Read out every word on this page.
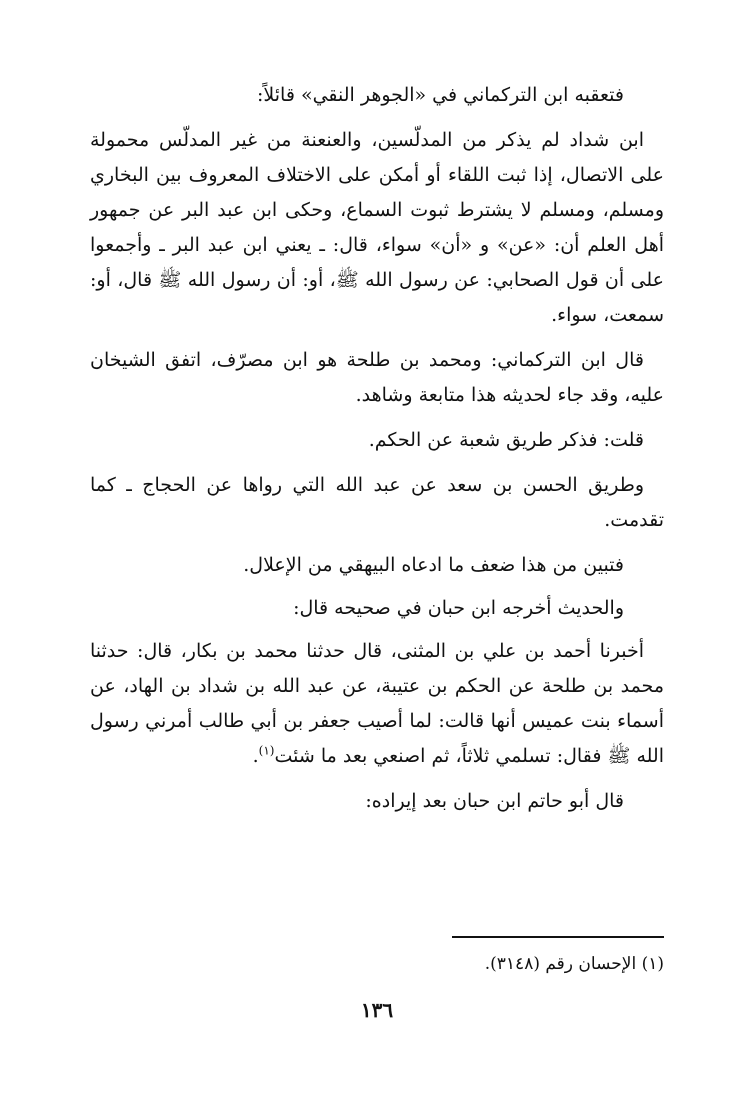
فتعقبه ابن التركماني في «الجوهر النقي» قائلاً:

ابن شداد لم يذكر من المدلّسين، والعنعنة من غير المدلّس محمولة على الاتصال، إذا ثبت اللقاء أو أمكن على الاختلاف المعروف بين البخاري ومسلم، ومسلم لا يشترط ثبوت السماع، وحكى ابن عبد البر عن جمهور أهل العلم أن: «عن» و «أن» سواء، قال: ـ يعني ابن عبد البر ـ وأجمعوا على أن قول الصحابي: عن رسول الله ﷺ، أو: أن رسول الله ﷺ قال، أو: سمعت، سواء.

قال ابن التركماني: ومحمد بن طلحة هو ابن مصرّف، اتفق الشيخان عليه، وقد جاء لحديثه هذا متابعة وشاهد.

قلت: فذكر طريق شعبة عن الحكم.

وطريق الحسن بن سعد عن عبد الله التي رواها عن الحجاج ـ كما تقدمت.

فتبين من هذا ضعف ما ادعاه البيهقي من الإعلال.

والحديث أخرجه ابن حبان في صحيحه قال:

أخبرنا أحمد بن علي بن المثنى، قال حدثنا محمد بن بكار، قال: حدثنا محمد بن طلحة عن الحكم بن عتيبة، عن عبد الله بن شداد بن الهاد، عن أسماء بنت عميس أنها قالت: لما أصيب جعفر بن أبي طالب أمرني رسول الله ﷺ فقال: تسلمي ثلاثاً، ثم اصنعي بعد ما شئت$^{(١)}$.

قال أبو حاتم ابن حبان بعد إيراده:

(١) الإحسان رقم (٣١٤٨).
١٣٦
